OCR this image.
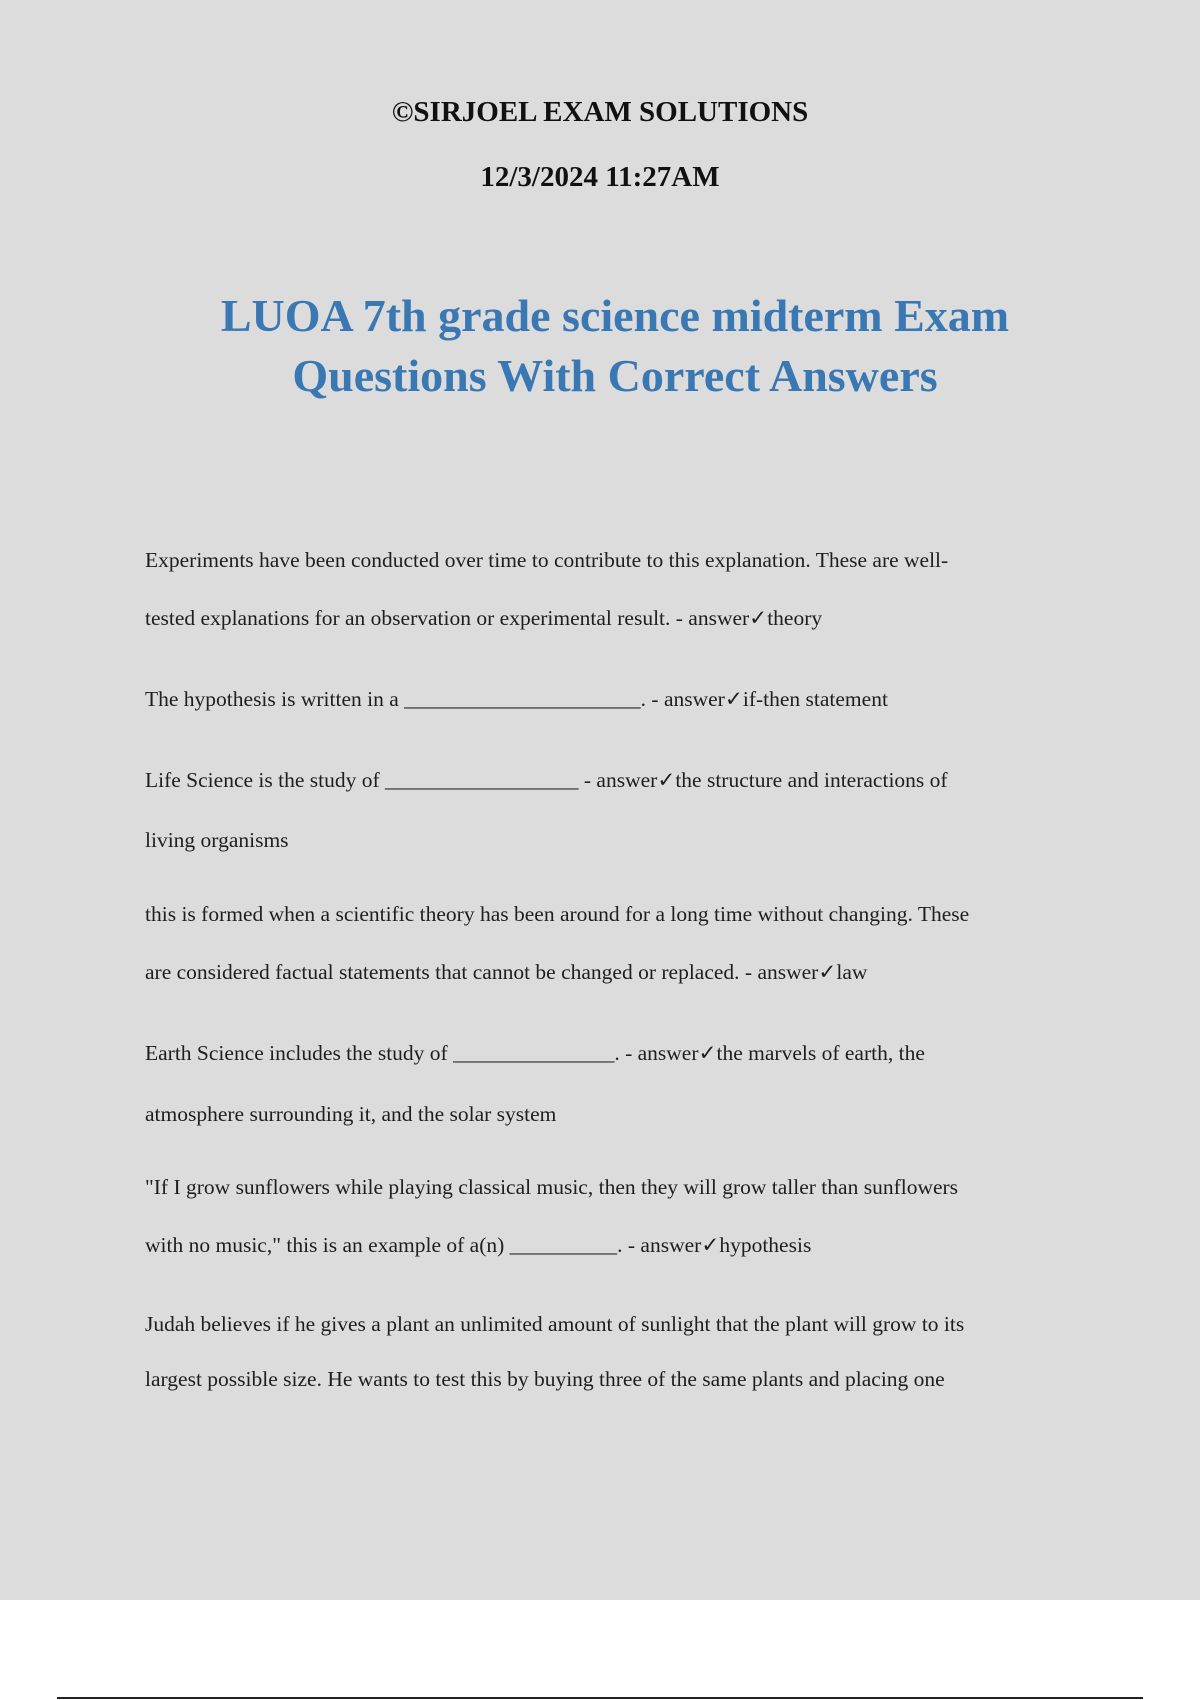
©SIRJOEL EXAM SOLUTIONS
12/3/2024 11:27AM
LUOA 7th grade science midterm Exam
Questions With Correct Answers
Experiments have been conducted over time to contribute to this explanation. These are well-
tested explanations for an observation or experimental result. - answer✓theory
The hypothesis is written in a ______________________. - answer✓if-then statement
Life Science is the study of __________________ - answer✓the structure and interactions of
living organisms
this is formed when a scientific theory has been around for a long time without changing. These
are considered factual statements that cannot be changed or replaced. - answer✓law
Earth Science includes the study of _______________. - answer✓the marvels of earth, the
atmosphere surrounding it, and the solar system
"If I grow sunflowers while playing classical music, then they will grow taller than sunflowers
with no music," this is an example of a(n) __________. - answer✓hypothesis
Judah believes if he gives a plant an unlimited amount of sunlight that the plant will grow to its
largest possible size. He wants to test this by buying three of the same plants and placing one
